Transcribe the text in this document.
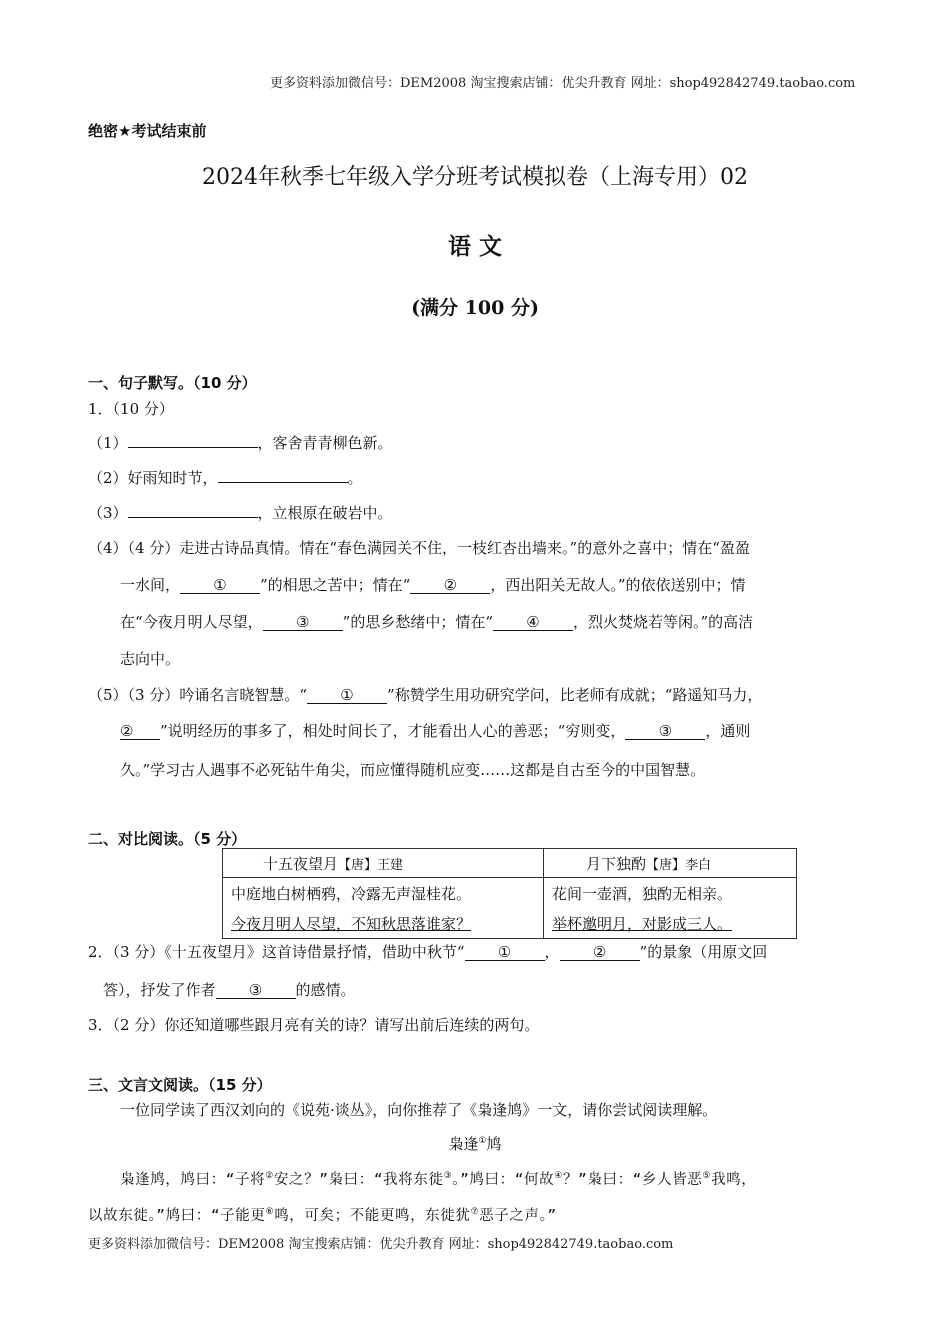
更多资料添加微信号：DEM2008 淘宝搜索店铺：优尖升教育 网址：shop492842749.taobao.com
绝密★考试结束前
2024年秋季七年级入学分班考试模拟卷（上海专用）02
语 文
(满分 100 分)
一、句子默写。（10 分）
1．（10 分）
（1）	，客舍青青柳色新。
（2）好雨知时节，	。
（3）	，立根原在破岩中。
（4）（4 分）走进古诗品真情。情在“春色满园关不住，一枝红杏出墙来。”的意外之喜中；情在“盈盈
一水间， ① ”的相思之苦中；情在“ ② ，西出阳关无故人。”的依依送别中；情
在“今夜月明人尽望， ③ ”的思乡愁绪中；情在“ ④ ，烈火焚烧若等闲。”的高洁
志向中。
（5）（3 分）吟诵名言晓智慧。“ ① ”称赞学生用功研究学问，比老师有成就；“路遥知马力，
② ”说明经历的事多了，相处时间长了，才能看出人心的善恶；“穷则变， ③ ，通则
久。”学习古人遇事不必死钻牛角尖，而应懂得随机应变……这都是自古至今的中国智慧。
二、对比阅读。（5 分）
十五夜望月【唐】王建	月下独酌【唐】李白
中庭地白树栖鸦，冷露无声湿桂花。	花间一壶酒，独酌无相亲。
今夜月明人尽望，不知秋思落谁家？	举杯邀明月，对影成三人。
2．（3 分）《十五夜望月》这首诗借景抒情，借助中秋节“ ① ， ② ”的景象（用原文回
答），抒发了作者 ③ 的感情。
3．（2 分）你还知道哪些跟月亮有关的诗？请写出前后连续的两句。
三、文言文阅读。（15 分）
一位同学读了西汉刘向的《说苑·谈丛》，向你推荐了《枭逢鸠》一文，请你尝试阅读理解。
枭逢①鸠
枭逢鸠，鸠曰：“子将②安之？”枭曰：“我将东徙③。”鸠曰：“何故④？”枭曰：“乡人皆恶⑤我鸣，
以故东徙。”鸠曰：“子能更⑥鸣，可矣；不能更鸣，东徙犹⑦恶子之声。”
更多资料添加微信号：DEM2008 淘宝搜索店铺：优尖升教育 网址：shop492842749.taobao.com
